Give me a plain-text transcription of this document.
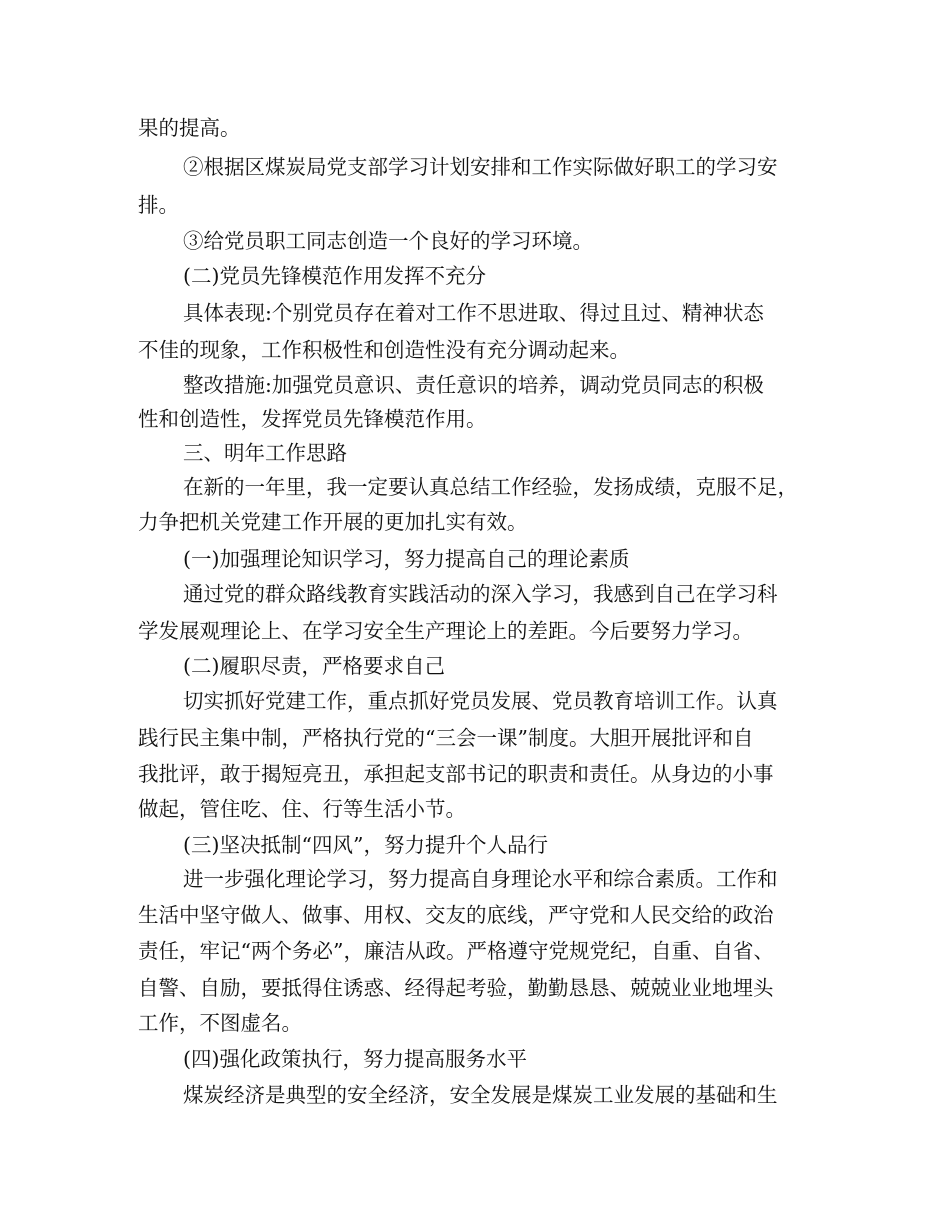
果的提高。
②根据区煤炭局党支部学习计划安排和工作实际做好职工的学习安
排。
③给党员职工同志创造一个良好的学习环境。
(二)党员先锋模范作用发挥不充分
具体表现:个别党员存在着对工作不思进取、得过且过、精神状态
不佳的现象，工作积极性和创造性没有充分调动起来。
整改措施:加强党员意识、责任意识的培养，调动党员同志的积极
性和创造性，发挥党员先锋模范作用。
三、明年工作思路
在新的一年里，我一定要认真总结工作经验，发扬成绩，克服不足，
力争把机关党建工作开展的更加扎实有效。
(一)加强理论知识学习，努力提高自己的理论素质
通过党的群众路线教育实践活动的深入学习，我感到自己在学习科
学发展观理论上、在学习安全生产理论上的差距。今后要努力学习。
(二)履职尽责，严格要求自己
切实抓好党建工作，重点抓好党员发展、党员教育培训工作。认真
践行民主集中制，严格执行党的“三会一课”制度。大胆开展批评和自
我批评，敢于揭短亮丑，承担起支部书记的职责和责任。从身边的小事
做起，管住吃、住、行等生活小节。
(三)坚决抵制“四风”，努力提升个人品行
进一步强化理论学习，努力提高自身理论水平和综合素质。工作和
生活中坚守做人、做事、用权、交友的底线，严守党和人民交给的政治
责任，牢记“两个务必”，廉洁从政。严格遵守党规党纪，自重、自省、
自警、自励，要抵得住诱惑、经得起考验，勤勤恳恳、兢兢业业地埋头
工作，不图虚名。
(四)强化政策执行，努力提高服务水平
煤炭经济是典型的安全经济，安全发展是煤炭工业发展的基础和生
